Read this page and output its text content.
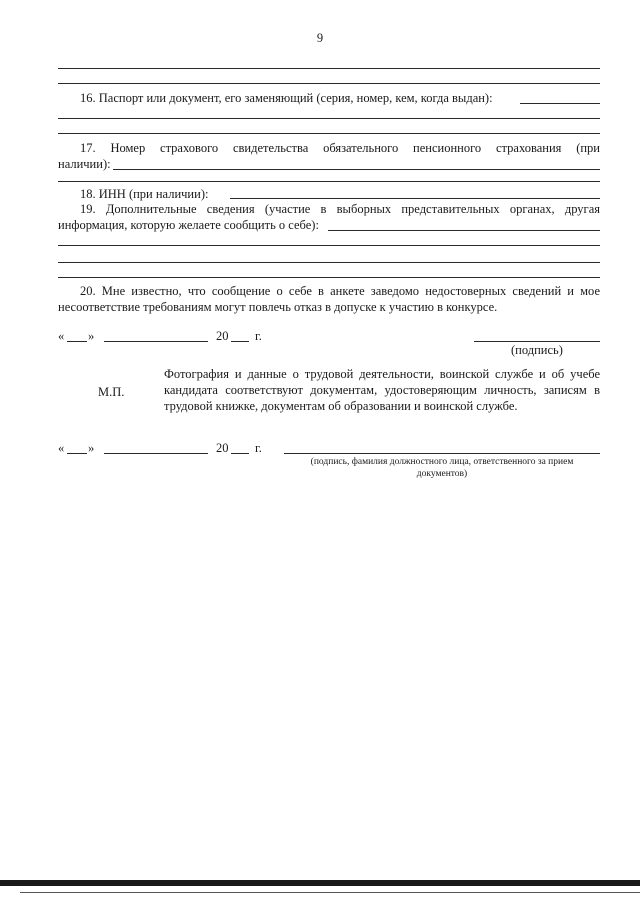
9
16. Паспорт или документ, его заменяющий (серия, номер, кем, когда выдан):
17. Номер страхового свидетельства обязательного пенсионного страхования (при
наличии):
18. ИНН (при наличии):
19. Дополнительные сведения (участие в выборных представительных органах, другая
информация, которую желаете сообщить о себе):
20. Мне известно, что сообщение о себе в анкете заведомо недостоверных сведений и мое
несоответствие требованиям могут повлечь отказ в допуске к участию в конкурсе.
« »	20 г.
(подпись)
М.П.
Фотография и данные о трудовой деятельности, воинской службе и об учебе
кандидата соответствуют документам, удостоверяющим личность, записям в
трудовой книжке, документам об образовании и воинской службе.
« »	20 г.
(подпись, фамилия должностного лица, ответственного за прием
документов)
